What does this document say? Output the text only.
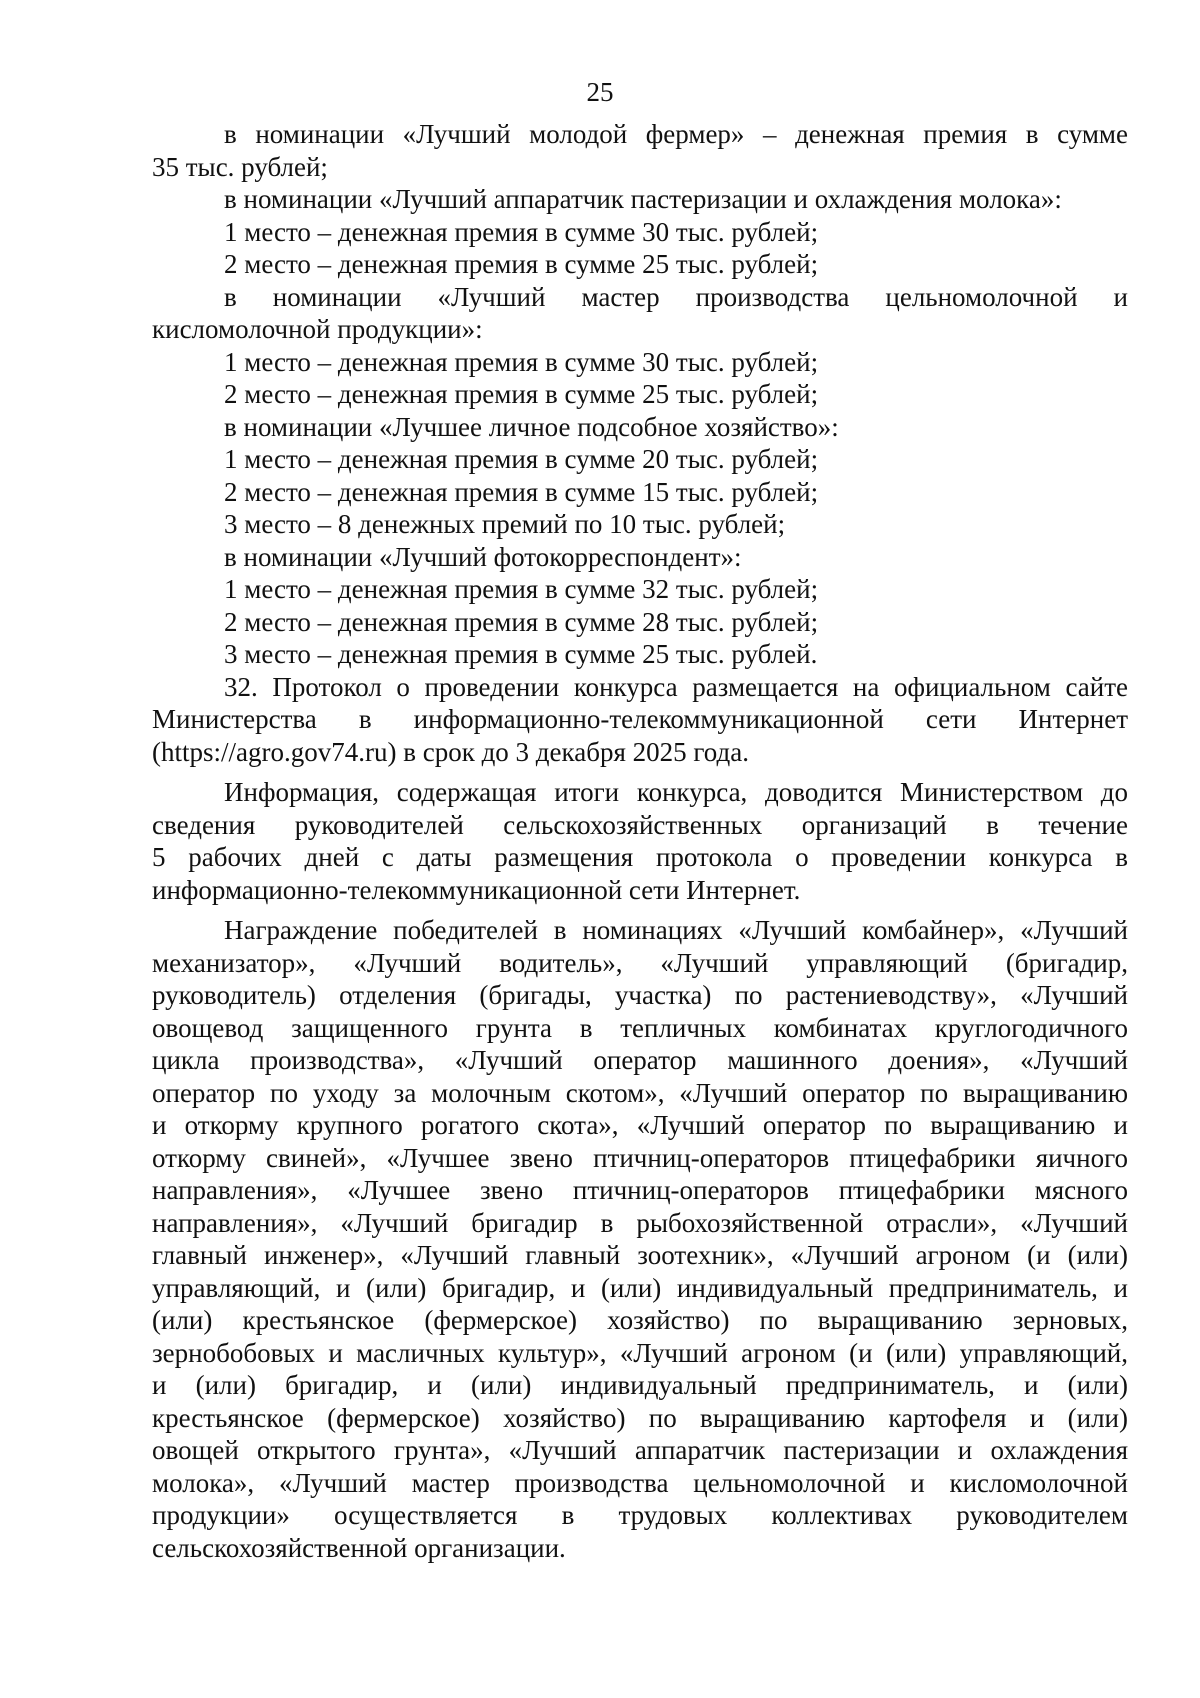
25
в номинации «Лучший молодой фермер» – денежная премия в сумме
35 тыс. рублей;
в номинации «Лучший аппаратчик пастеризации и охлаждения молока»:
1 место – денежная премия в сумме 30 тыс. рублей;
2 место – денежная премия в сумме 25 тыс. рублей;
в номинации «Лучший мастер производства цельномолочной и
кисломолочной продукции»:
1 место – денежная премия в сумме 30 тыс. рублей;
2 место – денежная премия в сумме 25 тыс. рублей;
в номинации «Лучшее личное подсобное хозяйство»:
1 место – денежная премия в сумме 20 тыс. рублей;
2 место – денежная премия в сумме 15 тыс. рублей;
3 место – 8 денежных премий по 10 тыс. рублей;
в номинации «Лучший фотокорреспондент»:
1 место – денежная премия в сумме 32 тыс. рублей;
2 место – денежная премия в сумме 28 тыс. рублей;
3 место – денежная премия в сумме 25 тыс. рублей.
32. Протокол о проведении конкурса размещается на официальном сайте
Министерства в информационно-телекоммуникационной сети Интернет
(https://agro.gov74.ru) в срок до 3 декабря 2025 года.
Информация, содержащая итоги конкурса, доводится Министерством до
сведения руководителей сельскохозяйственных организаций в течение
5 рабочих дней с даты размещения протокола о проведении конкурса в
информационно-телекоммуникационной сети Интернет.
Награждение победителей в номинациях «Лучший комбайнер», «Лучший
механизатор», «Лучший водитель», «Лучший управляющий (бригадир,
руководитель) отделения (бригады, участка) по растениеводству», «Лучший
овощевод защищенного грунта в тепличных комбинатах круглогодичного
цикла производства», «Лучший оператор машинного доения», «Лучший
оператор по уходу за молочным скотом», «Лучший оператор по выращиванию
и откорму крупного рогатого скота», «Лучший оператор по выращиванию и
откорму свиней», «Лучшее звено птичниц-операторов птицефабрики яичного
направления», «Лучшее звено птичниц-операторов птицефабрики мясного
направления», «Лучший бригадир в рыбохозяйственной отрасли», «Лучший
главный инженер», «Лучший главный зоотехник», «Лучший агроном (и (или)
управляющий, и (или) бригадир, и (или) индивидуальный предприниматель, и
(или) крестьянское (фермерское) хозяйство) по выращиванию зерновых,
зернобобовых и масличных культур», «Лучший агроном (и (или) управляющий,
и (или) бригадир, и (или) индивидуальный предприниматель, и (или)
крестьянское (фермерское) хозяйство) по выращиванию картофеля и (или)
овощей открытого грунта», «Лучший аппаратчик пастеризации и охлаждения
молока», «Лучший мастер производства цельномолочной и кисломолочной
продукции» осуществляется в трудовых коллективах руководителем
сельскохозяйственной организации.
